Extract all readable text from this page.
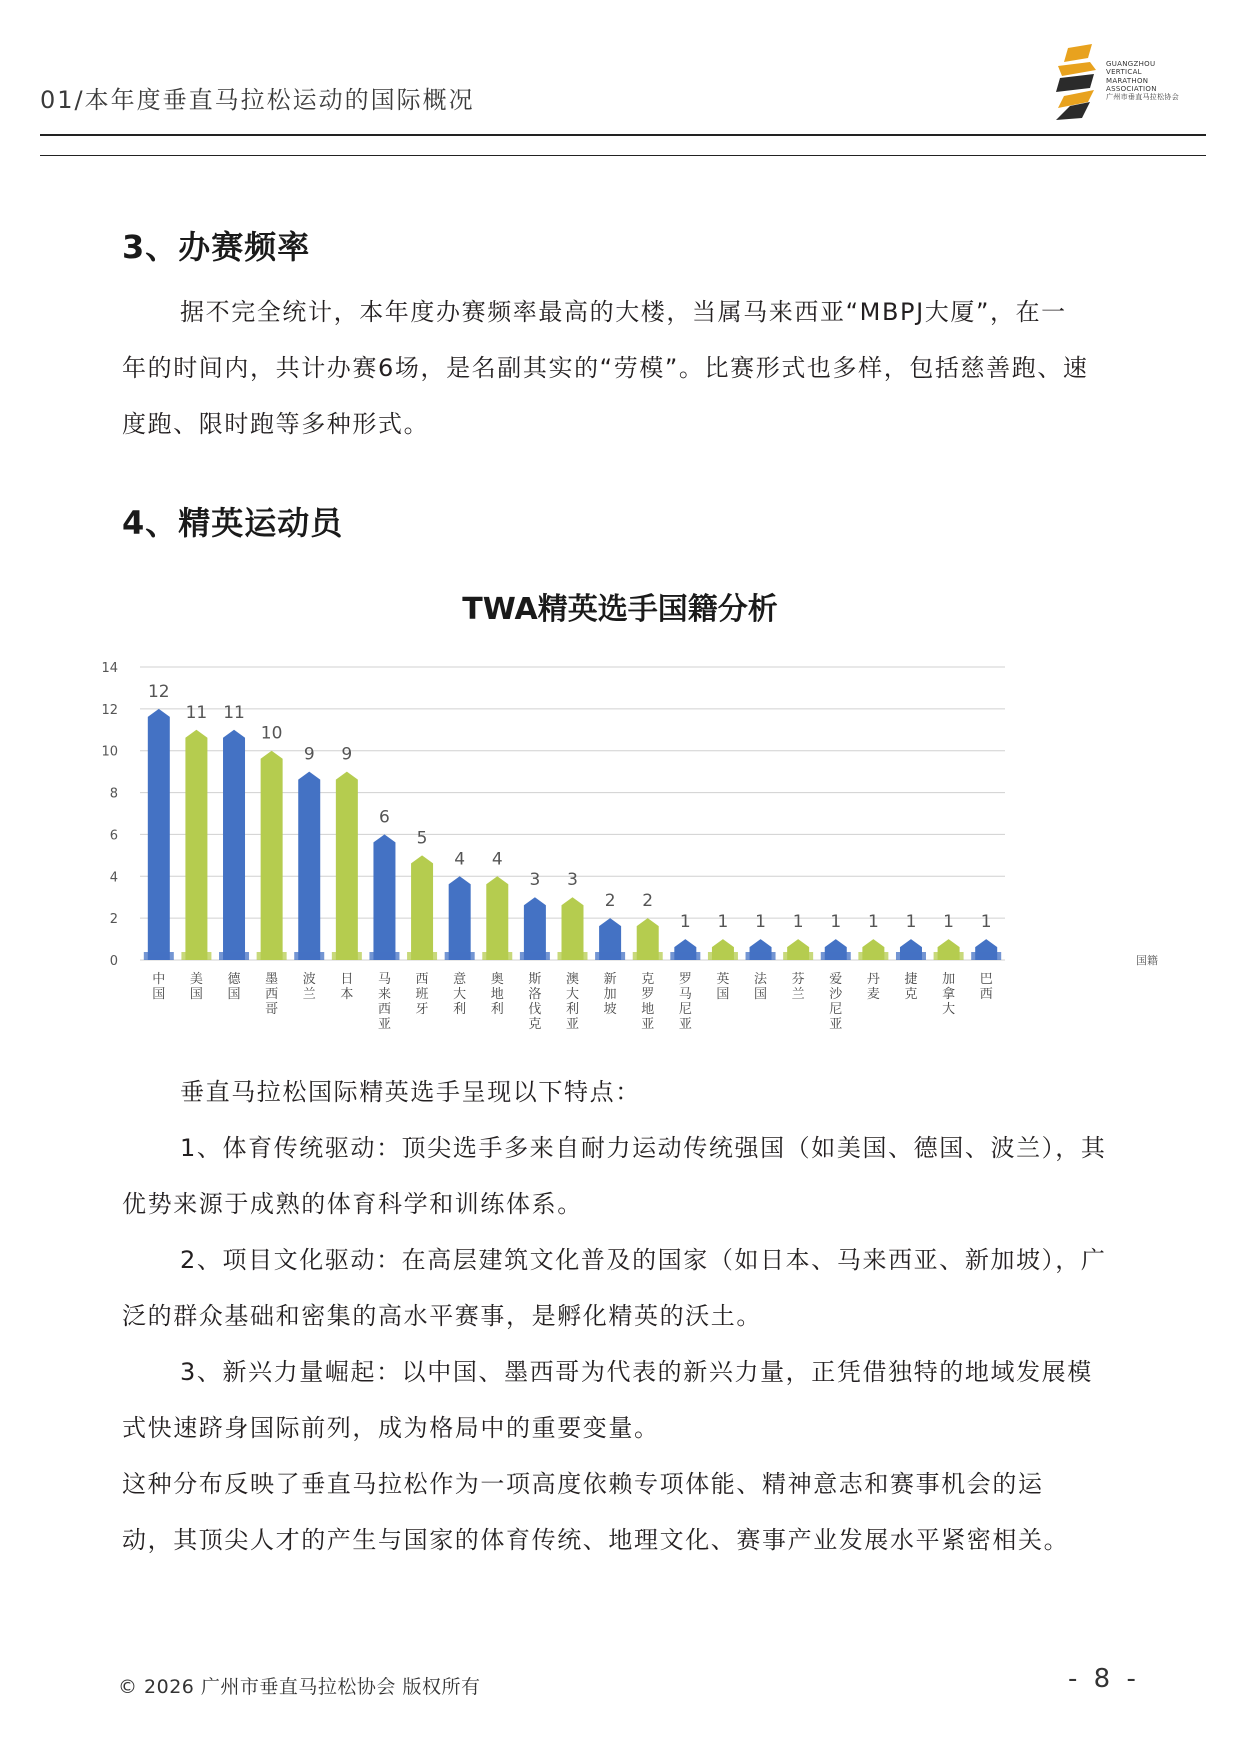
01/本年度垂直马拉松运动的国际概况
GUANGZHOU
VERTICAL
MARATHON
ASSOCIATION
广州市垂直马拉松协会
3、办赛频率

据不完全统计，本年度办赛频率最高的大楼，当属马来西亚“MBPJ大厦”，在一
年的时间内，共计办赛6场，是名副其实的“劳模”。比赛形式也多样，包括慈善跑、速
度跑、限时跑等多种形式。

4、精英运动员
TWA精英选手国籍分析
0
2
4
6
8
10
12
14
12
11 11
10
9 9
6
5
4 4
3 3
2 2
1 1 1 1 1 1 1 1 1
中
国
美
国
德
国
墨
西
哥
波
兰
日
本
马
来
西
亚
西
班
牙
意
大
利
奥
地
利
斯
洛
伐
克
澳
大
利
亚
新
加
坡
克
罗
地
亚
罗
马
尼
亚
英
国
法
国
芬
兰
爱
沙
尼
亚
丹
麦
捷
克
加
拿
大
巴
西
国籍

垂直马拉松国际精英选手呈现以下特点：
1、体育传统驱动：顶尖选手多来自耐力运动传统强国（如美国、德国、波兰），其
优势来源于成熟的体育科学和训练体系。
2、项目文化驱动：在高层建筑文化普及的国家（如日本、马来西亚、新加坡），广
泛的群众基础和密集的高水平赛事，是孵化精英的沃土。
3、新兴力量崛起：以中国、墨西哥为代表的新兴力量，正凭借独特的地域发展模
式快速跻身国际前列，成为格局中的重要变量。
这种分布反映了垂直马拉松作为一项高度依赖专项体能、精神意志和赛事机会的运
动，其顶尖人才的产生与国家的体育传统、地理文化、赛事产业发展水平紧密相关。

© 2026 广州市垂直马拉松协会 版权所有	- 8 -
